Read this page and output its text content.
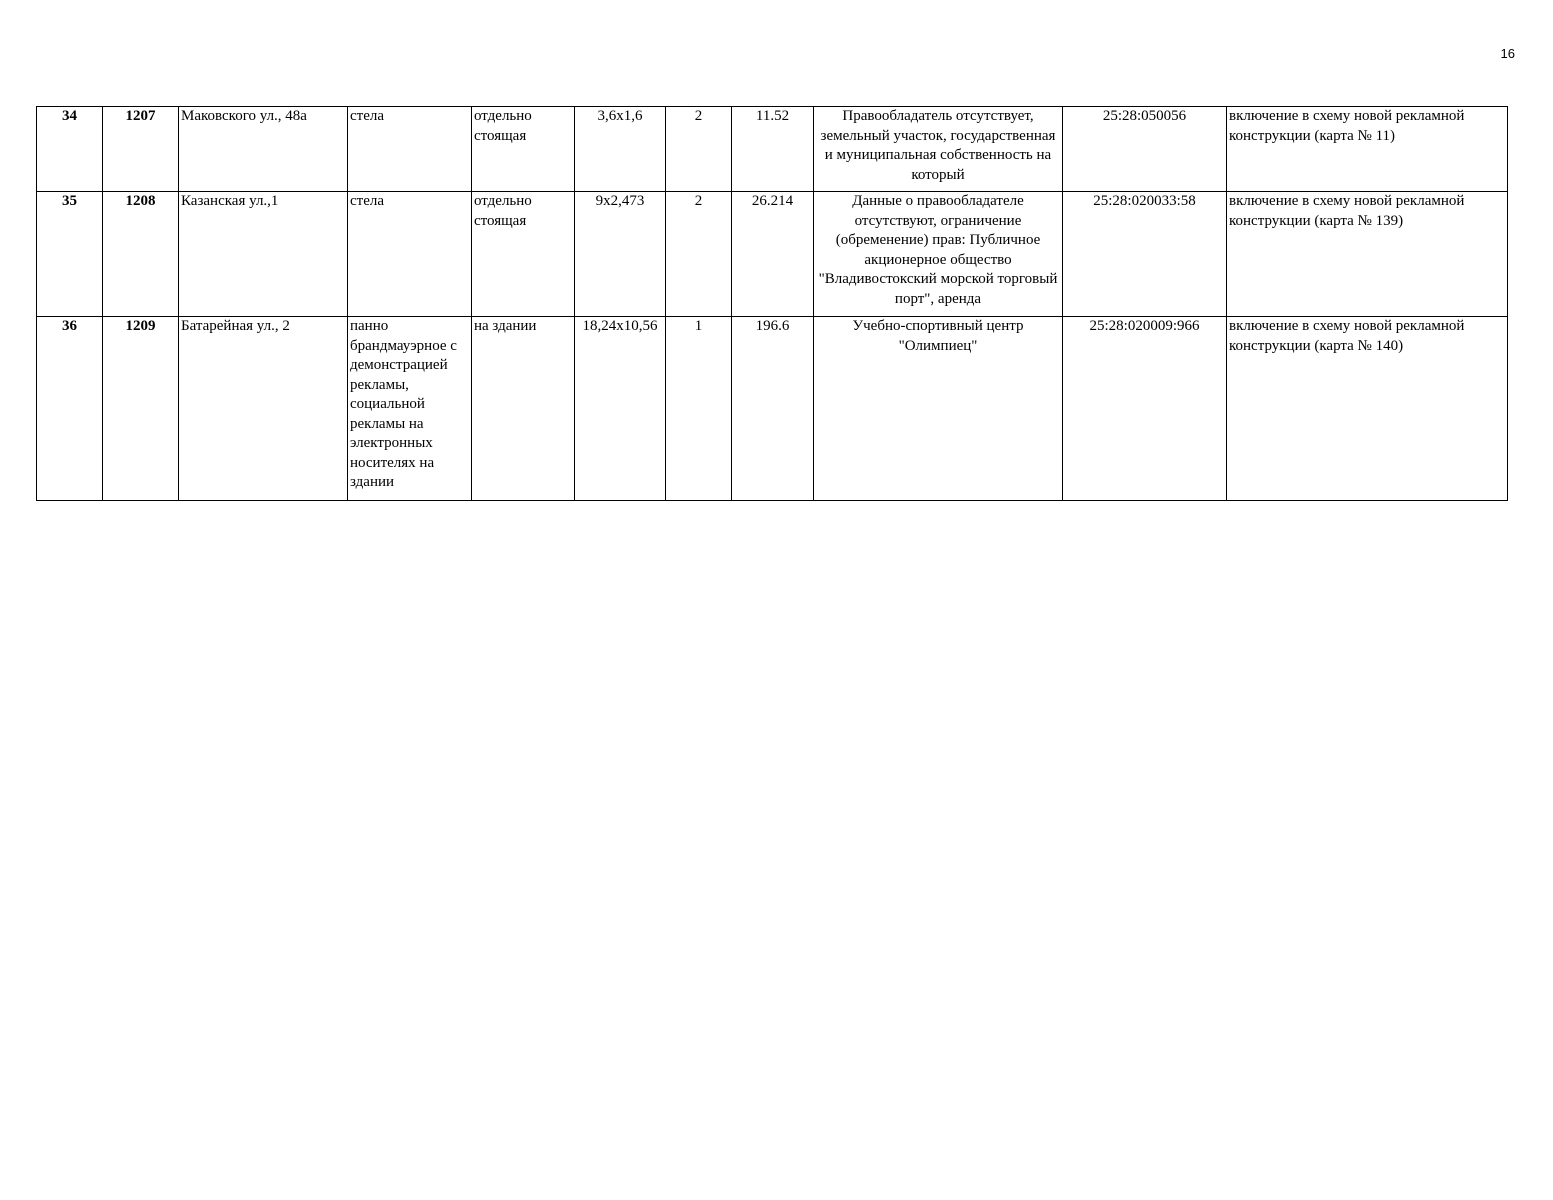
16
34	1207	Маковского ул., 48а	стела	отдельно стоящая	3,6х1,6	2	11.52	Правообладатель отсутствует, земельный участок, государственная и муниципальная собственность на который	25:28:050056	включение в схему новой рекламной конструкции (карта № 11)
35	1208	Казанская ул.,1	стела	отдельно стоящая	9х2,473	2	26.214	Данные о правообладателе отсутствуют, ограничение (обременение) прав: Публичное акционерное общество "Владивостокский морской торговый порт", аренда	25:28:020033:58	включение в схему новой рекламной конструкции (карта № 139)
36	1209	Батарейная ул., 2	панно брандмауэрное с демонстрацией рекламы, социальной рекламы на электронных носителях на здании	на здании	18,24х10,56	1	196.6	Учебно-спортивный центр "Олимпиец"	25:28:020009:966	включение в схему новой рекламной конструкции (карта № 140)
